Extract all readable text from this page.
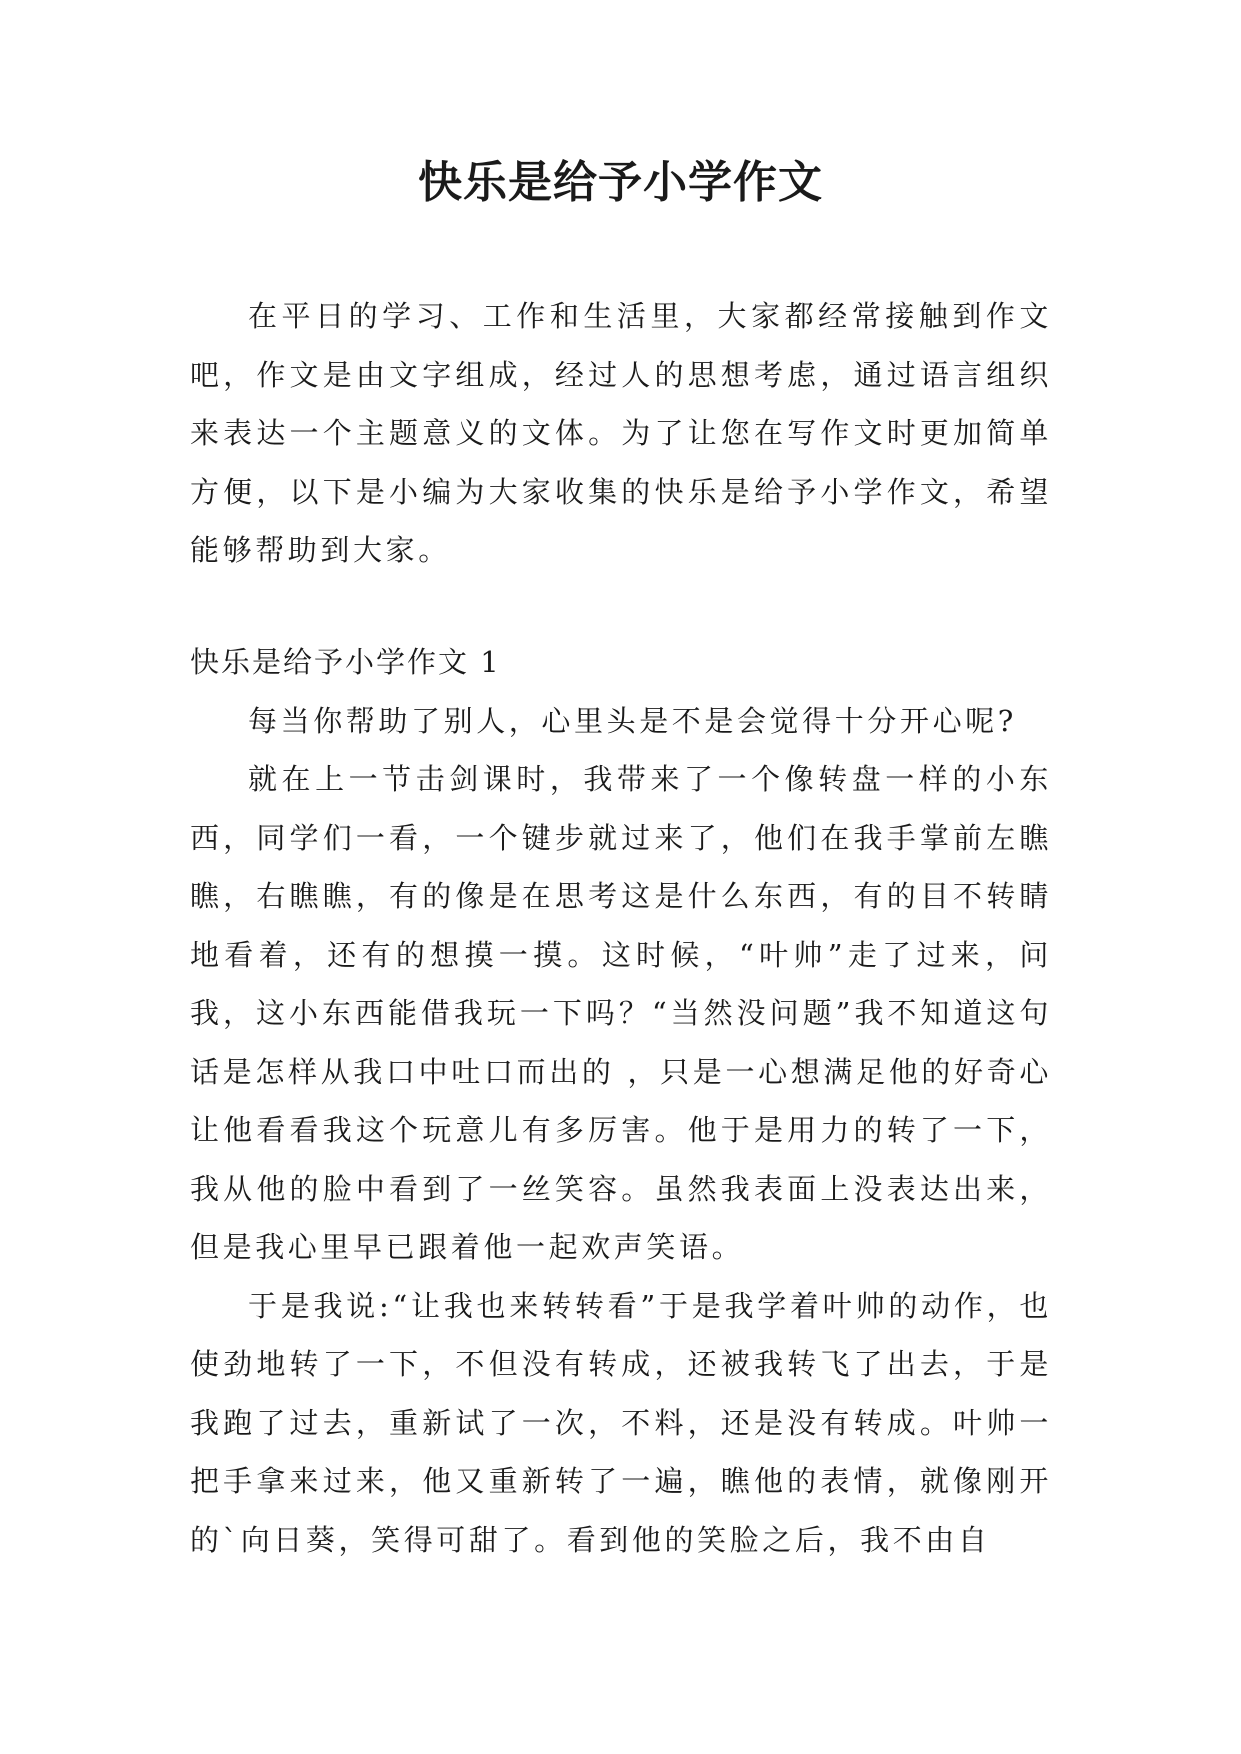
快乐是给予小学作文

在平日的学习、工作和生活里，大家都经常接触到作文吧，作文是由文字组成，经过人的思想考虑，通过语言组织来表达一个主题意义的文体。为了让您在写作文时更加简单方便，以下是小编为大家收集的快乐是给予小学作文，希望能够帮助到大家。

快乐是给予小学作文 1

每当你帮助了别人，心里头是不是会觉得十分开心呢?

就在上一节击剑课时，我带来了一个像转盘一样的小东西，同学们一看，一个键步就过来了，他们在我手掌前左瞧瞧，右瞧瞧，有的像是在思考这是什么东西，有的目不转睛地看着，还有的想摸一摸。这时候，“叶帅”走了过来，问我，这小东西能借我玩一下吗？“当然没问题”我不知道这句话是怎样从我口中吐口而出的 ，只是一心想满足他的好奇心让他看看我这个玩意儿有多厉害。他于是用力的转了一下，我从他的脸中看到了一丝笑容。虽然我表面上没表达出来，但是我心里早已跟着他一起欢声笑语。

于是我说:“让我也来转转看”于是我学着叶帅的动作，也使劲地转了一下，不但没有转成，还被我转飞了出去，于是我跑了过去，重新试了一次，不料，还是没有转成。叶帅一把手拿来过来，他又重新转了一遍，瞧他的表情，就像刚开的`向日葵，笑得可甜了。看到他的笑脸之后，我不由自
